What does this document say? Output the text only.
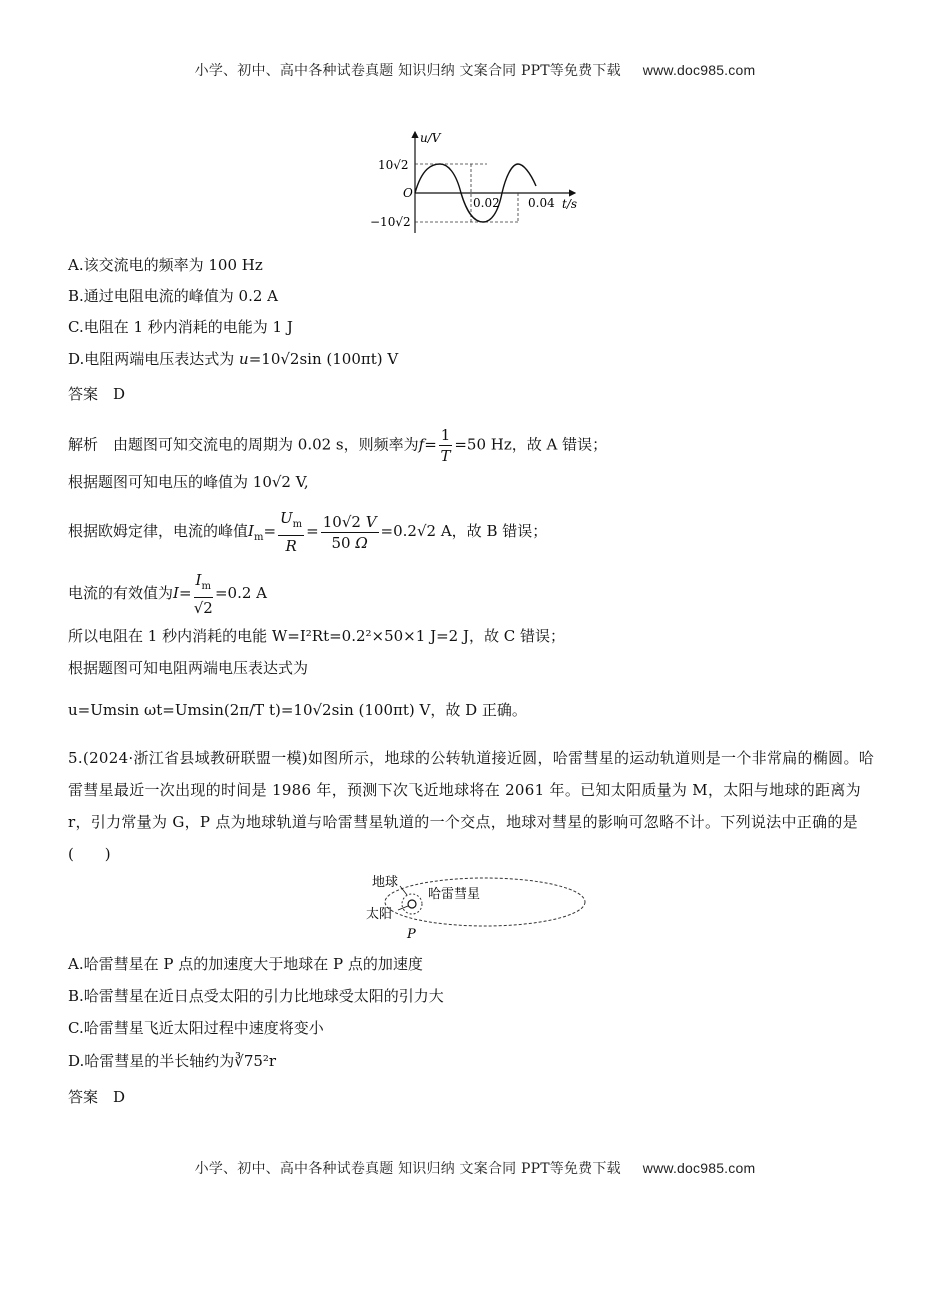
小学、初中、高中各种试卷真题 知识归纳 文案合同 PPT等免费下载 www.doc985.com
u/V
t/s
O
10√2
−10√2
0.02 0.04
A.该交流电的频率为 100 Hz
B.通过电阻电流的峰值为 0.2 A
C.电阻在 1 秒内消耗的电能为 1 J
D.电阻两端电压表达式为 u=10√2sin (100πt) V
答案　D
解析　由题图可知交流电的周期为 0.02 s，则频率为$f= \frac{1}{T} =50$ Hz，故 A 错误；
根据题图可知电压的峰值为 10√2 V,
根据欧姆定律，电流的峰值$I_m= \frac{U_m}{R} = \frac{10√2 V}{50 \Omega} =0.2√2$ A，故 B 错误；
电流的有效值为$I= \frac{I_m}{√2} =0.2$ A
所以电阻在 1 秒内消耗的电能 W=I²Rt=0.2²×50×1 J=2 J，故 C 错误；
根据题图可知电阻两端电压表达式为
u=Umsin ωt=Umsin(2π/T t)=10√2sin (100πt) V，故 D 正确。
5.(2024·浙江省县域教研联盟一模)如图所示，地球的公转轨道接近圆，哈雷彗星的运动轨道则是一个非常扁的椭圆。哈雷彗星最近一次出现的时间是 1986 年，预测下次飞近地球将在 2061 年。已知太阳质量为 M，太阳与地球的距离为 r，引力常量为 G，P 点为地球轨道与哈雷彗星轨道的一个交点，地球对彗星的影响可忽略不计。下列说法中正确的是(　　)
地球
哈雷彗星
太阳
P
A.哈雷彗星在 P 点的加速度大于地球在 P 点的加速度
B.哈雷彗星在近日点受太阳的引力比地球受太阳的引力大
C.哈雷彗星飞近太阳过程中速度将变小
D.哈雷彗星的半长轴约为∛75²r
答案　D
小学、初中、高中各种试卷真题 知识归纳 文案合同 PPT等免费下载 www.doc985.com
